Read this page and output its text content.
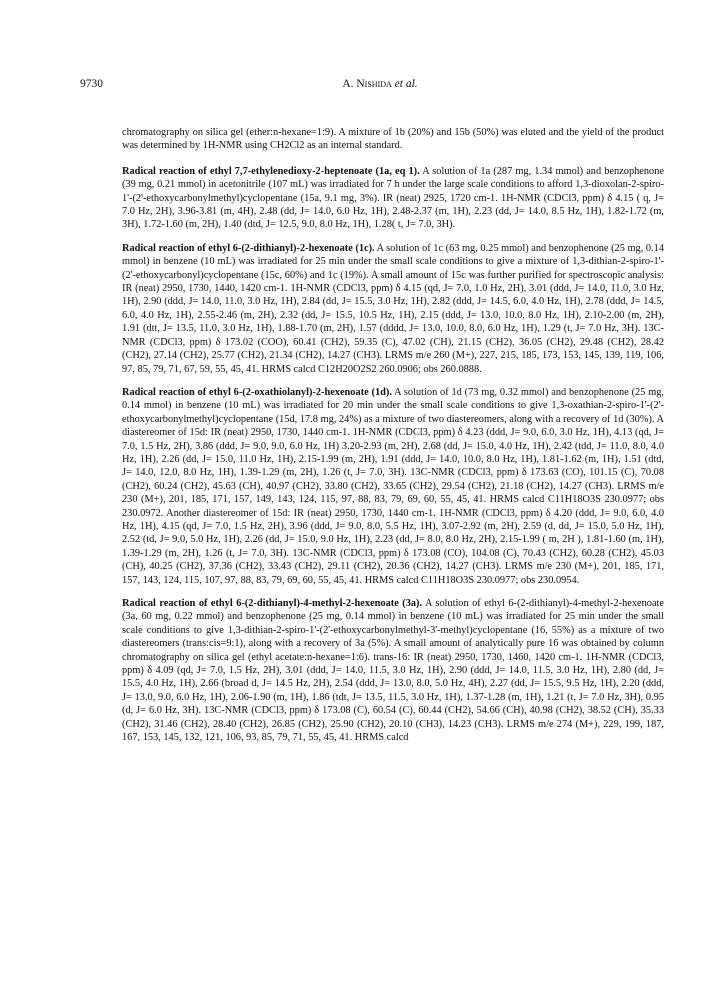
9730	A. Nishida et al.

chromatography on silica gel (ether:n-hexane=1:9). A mixture of 1b (20%) and 15b (50%) was eluted and the yield of the product was determined by 1H-NMR using CH2Cl2 as an internal standard.

Radical reaction of ethyl 7,7-ethylenedioxy-2-heptenoate (1a, eq 1). A solution of 1a (287 mg, 1.34 mmol) and benzophenone (39 mg, 0.21 mmol) in acetonitrile (107 mL) was irradiated for 7 h under the large scale conditions to afford 1,3-dioxolan-2-spiro-1'-(2'-ethoxycarbonylmethyl)cyclopentane (15a, 9.1 mg, 3%). IR (neat) 2925, 1720 cm-1. 1H-NMR (CDCl3, ppm) δ 4.15 ( q, J= 7.0 Hz, 2H), 3.96-3.81 (m, 4H), 2.48 (dd, J= 14.0, 6.0 Hz, 1H), 2.48-2.37 (m, 1H), 2.23 (dd, J= 14.0, 8.5 Hz, 1H), 1.82-1.72 (m, 3H), 1.72-1.60 (m, 2H), 1.40 (dtd, J= 12.5, 9.0, 8.0 Hz, 1H), 1.28( t, J= 7.0, 3H).

Radical reaction of ethyl 6-(2-dithianyl)-2-hexenoate (1c). A solution of 1c (63 mg, 0.25 mmol) and benzophenone (25 mg, 0.14 mmol) in benzene (10 mL) was irradiated for 25 min under the small scale conditions to give a mixture of 1,3-dithian-2-spiro-1'-(2'-ethoxycarbonyl)cyclopentane (15c, 60%) and 1c (19%). A small amount of 15c was further purified for spectroscopic analysis: IR (neat) 2950, 1730, 1440, 1420 cm-1. 1H-NMR (CDCl3, ppm) δ 4.15 (qd, J= 7.0, 1.0 Hz, 2H), 3.01 (ddd, J= 14.0, 11.0, 3.0 Hz, 1H), 2.90 (ddd, J= 14.0, 11.0, 3.0 Hz, 1H), 2.84 (dd, J= 15.5, 3.0 Hz, 1H), 2.82 (ddd, J= 14.5, 6.0, 4.0 Hz, 1H), 2.78 (ddd, J= 14.5, 6.0, 4.0 Hz, 1H), 2.55-2.46 (m, 2H), 2.32 (dd, J= 15.5, 10.5 Hz, 1H), 2.15 (ddd, J= 13.0, 10.0, 8.0 Hz, 1H), 2.10-2.00 (m, 2H), 1.91 (dtt, J= 13.5, 11.0, 3.0 Hz, 1H), 1.88-1.70 (m, 2H), 1.57 (dddd, J= 13.0, 10.0, 8.0, 6.0 Hz, 1H), 1.29 (t, J= 7.0 Hz, 3H). 13C-NMR (CDCl3, ppm) δ 173.02 (COO), 60.41 (CH2), 59.35 (C), 47.02 (CH), 21.15 (CH2), 36.05 (CH2), 29.48 (CH2), 28.42 (CH2), 27.14 (CH2), 25.77 (CH2), 21.34 (CH2), 14.27 (CH3). LRMS m/e 260 (M+), 227, 215, 185, 173, 153, 145, 139, 119, 106, 97, 85, 79, 71, 67, 59, 55, 45, 41. HRMS calcd C12H20O2S2 260.0906; obs 260.0888.

Radical reaction of ethyl 6-(2-oxathiolanyl)-2-hexenoate (1d). A solution of 1d (73 mg, 0.32 mmol) and benzophenone (25 mg, 0.14 mmol) in benzene (10 mL) was irradiated for 20 min under the small scale conditions to give 1,3-oxathian-2-spiro-1'-(2'-ethoxycarbonylmethyl)cyclopentane (15d, 17.8 mg, 24%) as a mixture of two diastereomers, along with a recovery of 1d (30%). A diastereomer of 15d: IR (neat) 2950, 1730, 1440 cm-1. 1H-NMR (CDCl3, ppm) δ 4.23 (ddd, J= 9.0, 6.0, 3.0 Hz, 1H), 4.13 (qd, J= 7.0, 1.5 Hz, 2H), 3.86 (ddd, J= 9.0, 9.0, 6.0 Hz, 1H) 3.20-2.93 (m, 2H), 2.68 (dd, J= 15.0, 4.0 Hz, 1H), 2.42 (tdd, J= 11.0, 8.0, 4.0 Hz, 1H), 2.26 (dd, J= 15.0, 11.0 Hz, 1H), 2.15-1.99 (m, 2H), 1.91 (ddd, J= 14.0, 10.0, 8.0 Hz, 1H), 1.81-1.62 (m, 1H), 1.51 (dtd, J= 14.0, 12.0, 8.0 Hz, 1H), 1.39-1.29 (m, 2H), 1.26 (t, J= 7.0, 3H). 13C-NMR (CDCl3, ppm) δ 173.63 (CO), 101.15 (C), 70.08 (CH2), 60.24 (CH2), 45.63 (CH), 40.97 (CH2), 33.80 (CH2), 33.65 (CH2), 29.54 (CH2), 21.18 (CH2), 14.27 (CH3). LRMS m/e 230 (M+), 201, 185, 171, 157, 149, 143, 124, 115, 97, 88, 83, 79, 69, 60, 55, 45, 41. HRMS calcd C11H18O3S 230.0977; obs 230.0972. Another diastereomer of 15d: IR (neat) 2950, 1730, 1440 cm-1. 1H-NMR (CDCl3, ppm) δ 4.20 (ddd, J= 9.0, 6.0, 4.0 Hz, 1H), 4.15 (qd, J= 7.0, 1.5 Hz, 2H), 3.96 (ddd, J= 9.0, 8.0, 5.5 Hz, 1H), 3.07-2.92 (m, 2H), 2.59 (d, dd, J= 15.0, 5.0 Hz, 1H), 2.52 (td, J= 9.0, 5.0 Hz, 1H), 2.26 (dd, J= 15.0, 9.0 Hz, 1H), 2.23 (dd, J= 8.0, 8.0 Hz, 2H), 2.15-1.99 ( m, 2H ), 1.81-1.60 (m, 1H), 1.39-1.29 (m, 2H), 1.26 (t, J= 7.0, 3H). 13C-NMR (CDCl3, ppm) δ 173.08 (CO), 104.08 (C), 70.43 (CH2), 60.28 (CH2), 45.03 (CH), 40.25 (CH2), 37.36 (CH2), 33.43 (CH2), 29.11 (CH2), 20.36 (CH2), 14.27 (CH3). LRMS m/e 230 (M+), 201, 185, 171, 157, 143, 124, 115, 107, 97, 88, 83, 79, 69, 60, 55, 45, 41. HRMS calcd C11H18O3S 230.0977; obs 230.0954.

Radical reaction of ethyl 6-(2-dithianyl)-4-methyl-2-hexenoate (3a). A solution of ethyl 6-(2-dithianyl)-4-methyl-2-hexenoate (3a, 60 mg, 0.22 mmol) and benzophenone (25 mg, 0.14 mmol) in benzene (10 mL) was irradiated for 25 min under the small scale conditions to give 1,3-dithian-2-spiro-1'-(2'-ethoxycarbonylmethyl-3'-methyl)cyclopentane (16, 55%) as a mixture of two diastereomers (trans:cis=9:1), along with a recovery of 3a (5%). A small amount of analytically pure 16 was obtained by column chromatography on silica gel (ethyl acetate:n-hexane=1:6). trans-16: IR (neat) 2950, 1730, 1460, 1420 cm-1. 1H-NMR (CDCl3, ppm) δ 4.09 (qd, J= 7.0, 1.5 Hz, 2H), 3.01 (ddd, J= 14.0, 11.5, 3.0 Hz, 1H), 2.90 (ddd, J= 14.0, 11.5, 3.0 Hz, 1H), 2.80 (dd, J= 15.5, 4.0 Hz, 1H), 2.66 (broad d, J= 14.5 Hz, 2H), 2.54 (ddd, J= 13.0, 8.0, 5.0 Hz, 4H), 2.27 (dd, J= 15.5, 9.5 Hz, 1H), 2.20 (ddd, J= 13.0, 9.0, 6.0 Hz, 1H), 2.06-1.90 (m, 1H), 1.86 (tdt, J= 13.5, 11.5, 3.0 Hz, 1H), 1.37-1.28 (m, 1H), 1.21 (t, J= 7.0 Hz, 3H), 0.95 (d, J= 6.0 Hz, 3H). 13C-NMR (CDCl3, ppm) δ 173.08 (C), 60.54 (C), 60.44 (CH2), 54.66 (CH), 40.98 (CH2), 38.52 (CH), 35.33 (CH2), 31.46 (CH2), 28.40 (CH2), 26.85 (CH2), 25.90 (CH2), 20.10 (CH3), 14.23 (CH3). LRMS m/e 274 (M+), 229, 199, 187, 167, 153, 145, 132, 121, 106, 93, 85, 79, 71, 55, 45, 41. HRMS calcd
